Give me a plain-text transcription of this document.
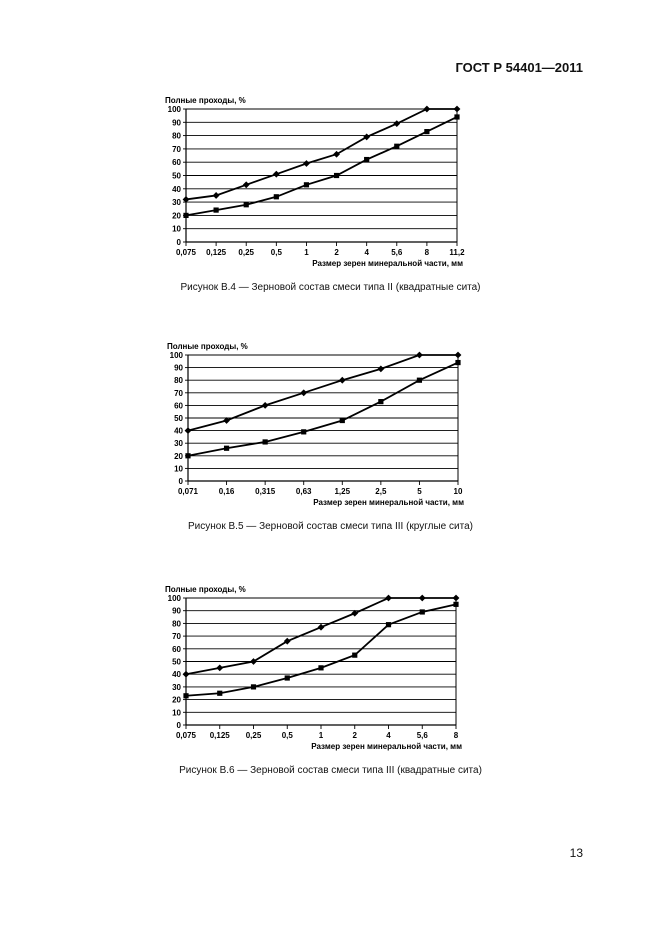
ГОСТ Р 54401—2011
Полные проходы, %
0
10
20
30
40
50
60
70
80
90
100
0,075 0,125 0,25 0,5	1	2	4	5,6	8	11,2
Размер зерен минеральной части, мм
Рисунок В.4 — Зерновой состав смеси типа II (квадратные сита)
Полные проходы, %
0
10
20
30
40
50
60
70
80
90
100
0,071	0,16	0,315	0,63	1,25	2,5	5	10
Размер зерен минеральной части, мм
Рисунок В.5 — Зерновой состав смеси типа III (круглые сита)
Полные проходы, %
0
10
20
30
40
50
60
70
80
90
100
0,075 0,125 0,25	0,5	1	2	4	5,6	8
Размер зерен минеральной части, мм
Рисунок В.6 — Зерновой состав смеси типа III (квадратные сита)
13
